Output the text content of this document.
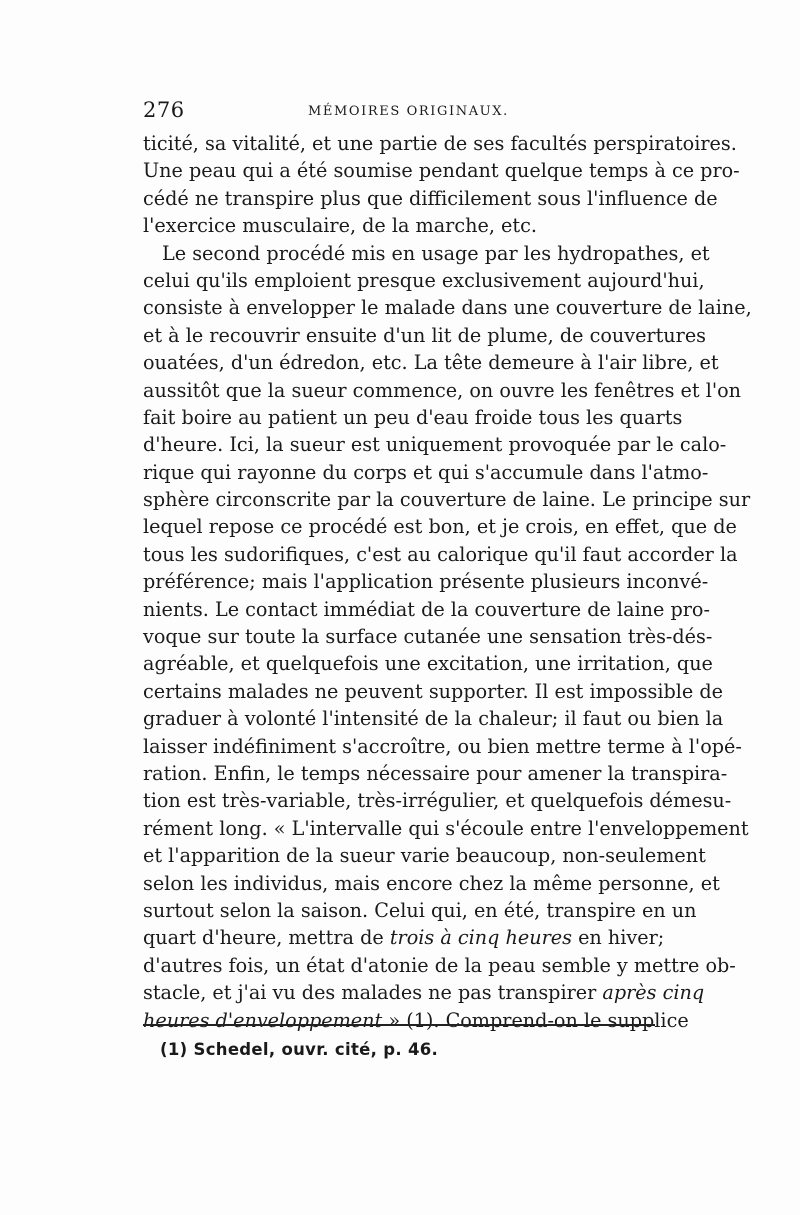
276	MÉMOIRES ORIGINAUX.
ticité, sa vitalité, et une partie de ses facultés perspiratoires.
Une peau qui a été soumise pendant quelque temps à ce pro-
cédé ne transpire plus que difficilement sous l'influence de
l'exercice musculaire, de la marche, etc.
Le second procédé mis en usage par les hydropathes, et
celui qu'ils emploient presque exclusivement aujourd'hui,
consiste à envelopper le malade dans une couverture de laine,
et à le recouvrir ensuite d'un lit de plume, de couvertures
ouatées, d'un édredon, etc. La tête demeure à l'air libre, et
aussitôt que la sueur commence, on ouvre les fenêtres et l'on
fait boire au patient un peu d'eau froide tous les quarts
d'heure. Ici, la sueur est uniquement provoquée par le calo-
rique qui rayonne du corps et qui s'accumule dans l'atmo-
sphère circonscrite par la couverture de laine. Le principe sur
lequel repose ce procédé est bon, et je crois, en effet, que de
tous les sudorifiques, c'est au calorique qu'il faut accorder la
préférence; mais l'application présente plusieurs inconvé-
nients. Le contact immédiat de la couverture de laine pro-
voque sur toute la surface cutanée une sensation très-dés-
agréable, et quelquefois une excitation, une irritation, que
certains malades ne peuvent supporter. Il est impossible de
graduer à volonté l'intensité de la chaleur; il faut ou bien la
laisser indéfiniment s'accroître, ou bien mettre terme à l'opé-
ration. Enfin, le temps nécessaire pour amener la transpira-
tion est très-variable, très-irrégulier, et quelquefois démesu-
rément long. « L'intervalle qui s'écoule entre l'enveloppement
et l'apparition de la sueur varie beaucoup, non-seulement
selon les individus, mais encore chez la même personne, et
surtout selon la saison. Celui qui, en été, transpire en un
quart d'heure, mettra de trois à cinq heures en hiver;
d'autres fois, un état d'atonie de la peau semble y mettre ob-
stacle, et j'ai vu des malades ne pas transpirer après cinq
heures d'enveloppement » (1). Comprend-on le supplice
(1) Schedel, ouvr. cité, p. 46.
